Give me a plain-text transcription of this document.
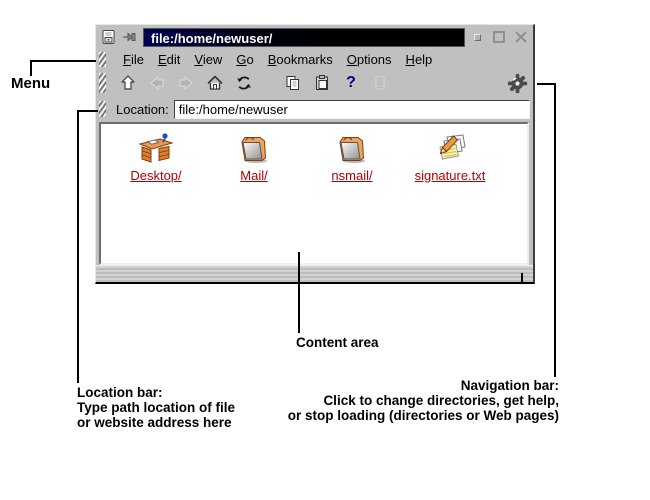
file:/home/newuser/
File	Edit	View	Go	Bookmarks	Options	Help
?
Location:
file:/home/newuser
Desktop/	Mail/	nsmail/	signature.txt
Menu
Location bar:
Type path location of file
or website address here
Content area
Navigation bar:
Click to change directories, get help,
or stop loading (directories or Web pages)
